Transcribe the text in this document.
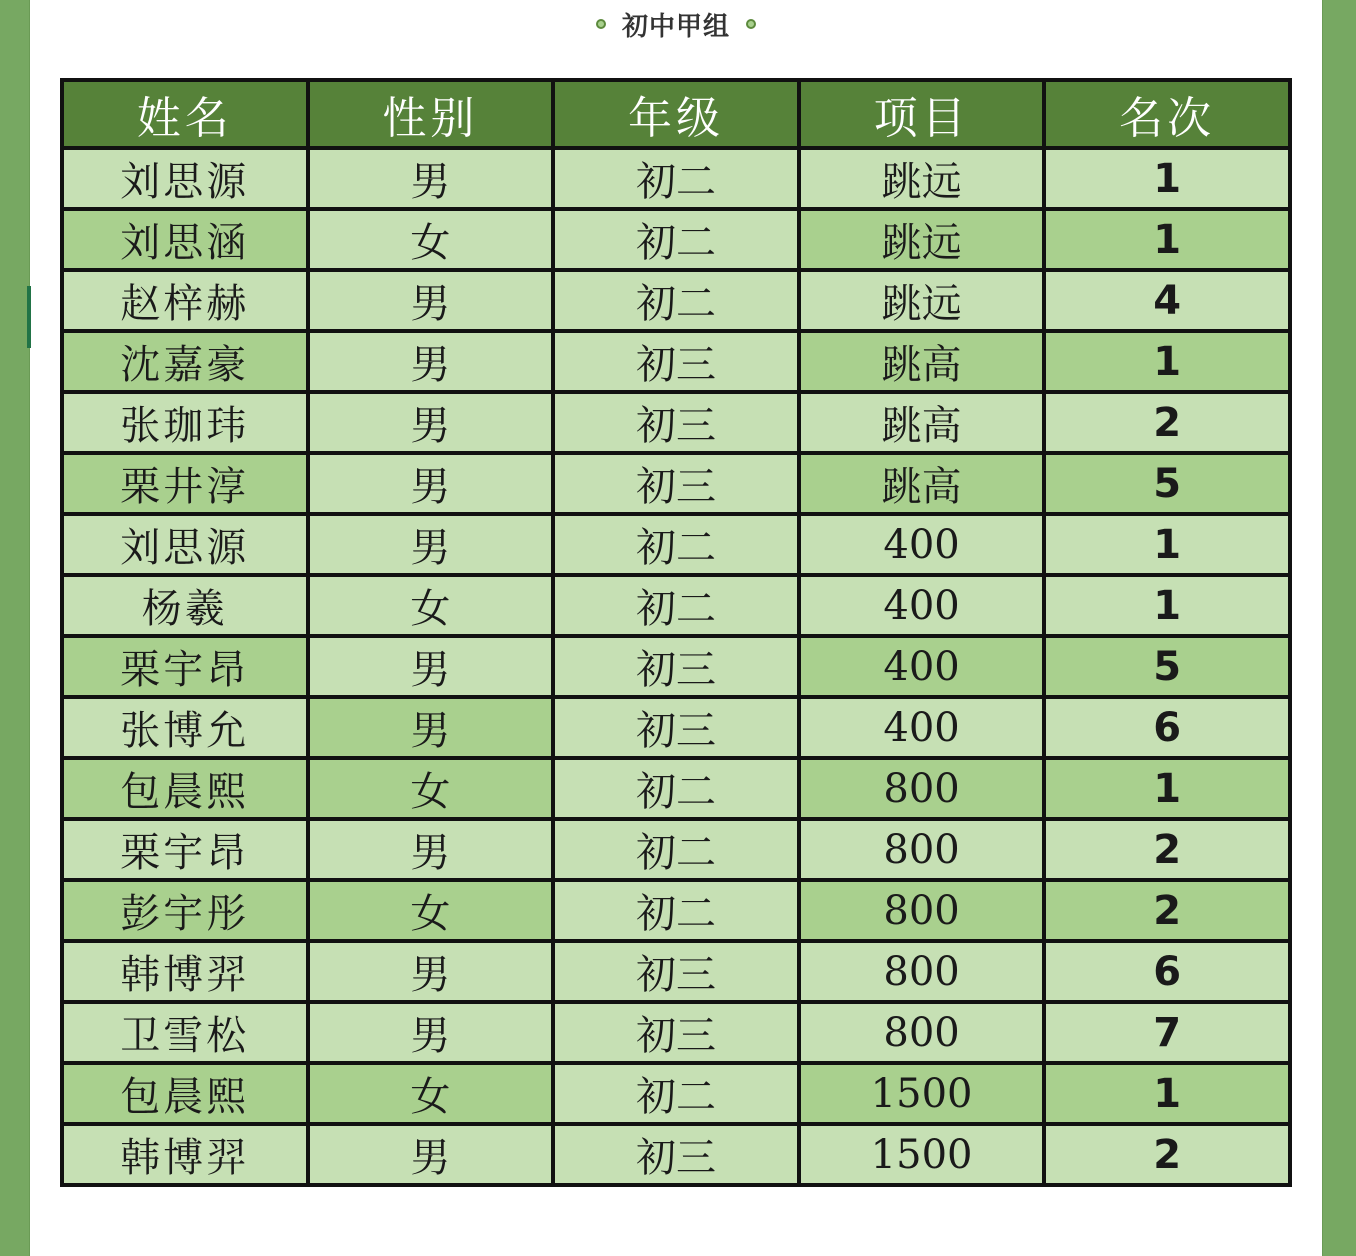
初中甲组
姓名	性别	年级	项目	名次
刘思源	男	初二	跳远	1
刘思涵	女	初二	跳远	1
赵梓赫	男	初二	跳远	4
沈嘉豪	男	初三	跳高	1
张珈玮	男	初三	跳高	2
栗井淳	男	初三	跳高	5
刘思源	男	初二	400	1
杨羲	女	初二	400	1
栗宇昂	男	初三	400	5
张博允	男	初三	400	6
包晨熙	女	初二	800	1
栗宇昂	男	初二	800	2
彭宇彤	女	初二	800	2
韩博羿	男	初三	800	6
卫雪松	男	初三	800	7
包晨熙	女	初二	1500	1
韩博羿	男	初三	1500	2
